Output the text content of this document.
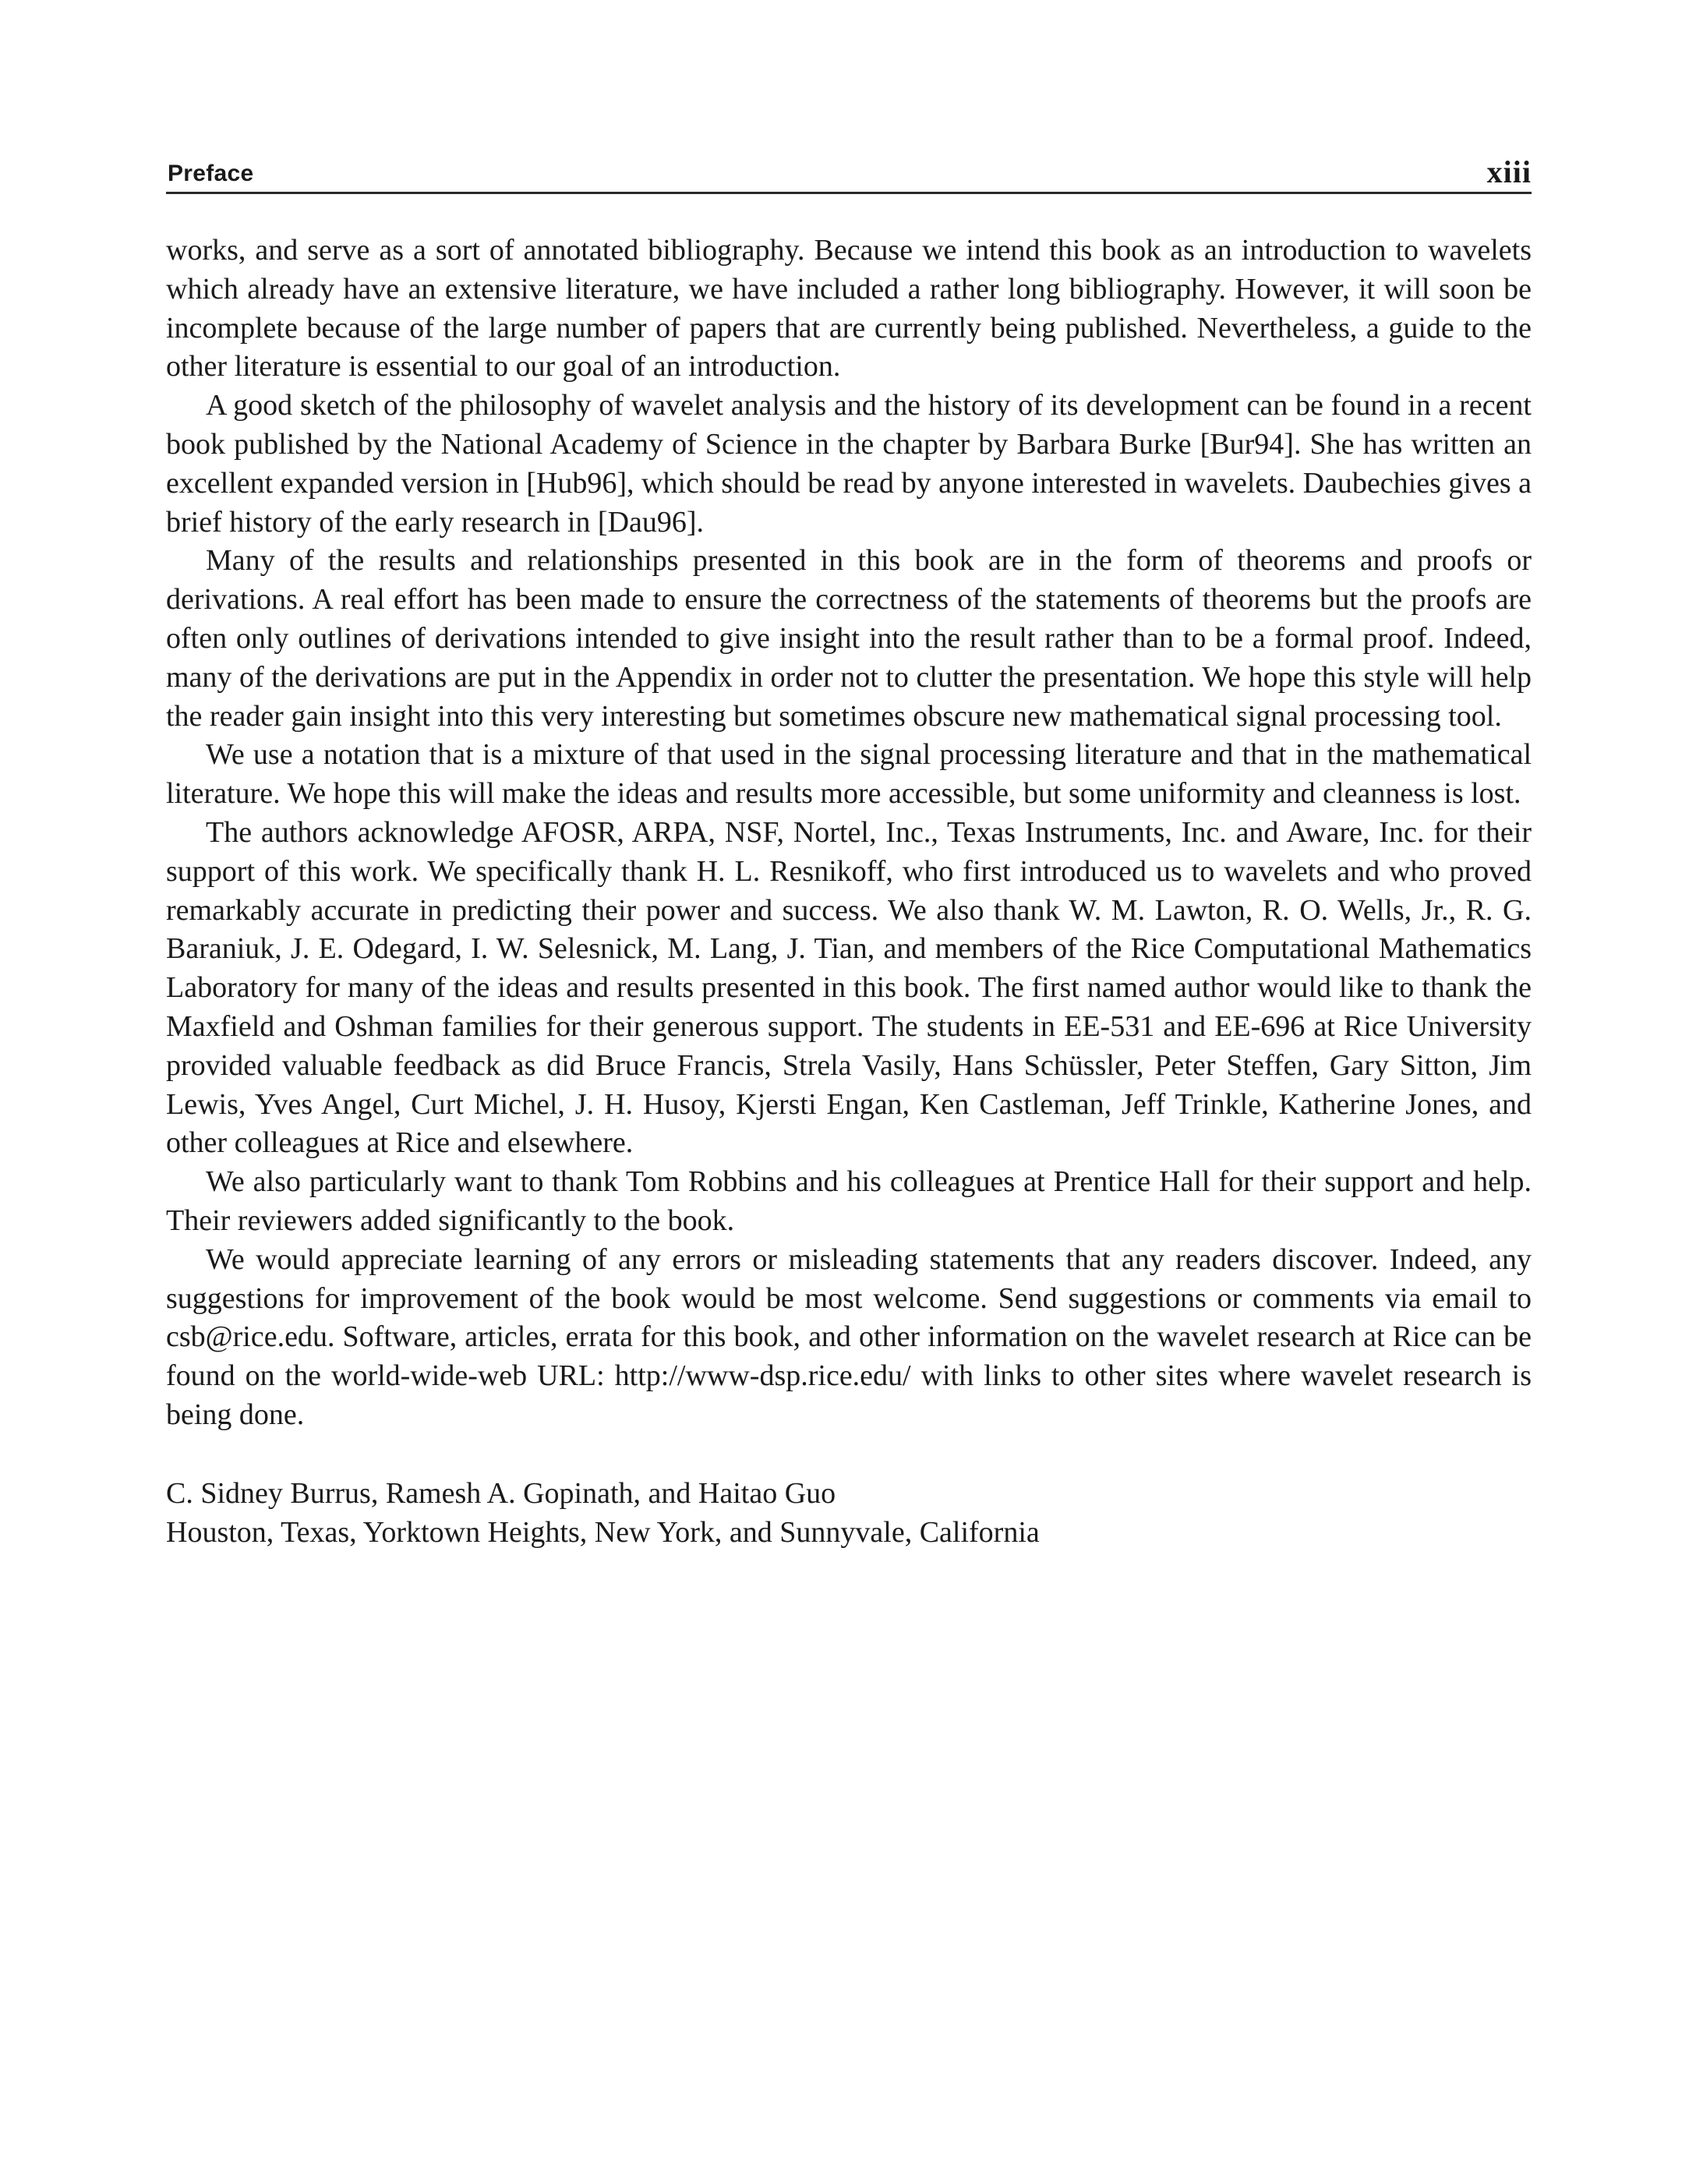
Preface	xiii

works, and serve as a sort of annotated bibliography. Because we intend this book as an introduction to wavelets which already have an extensive literature, we have included a rather long bibliography. However, it will soon be incomplete because of the large number of papers that are currently being published. Nevertheless, a guide to the other literature is essential to our goal of an introduction.

A good sketch of the philosophy of wavelet analysis and the history of its development can be found in a recent book published by the National Academy of Science in the chapter by Barbara Burke [Bur94]. She has written an excellent expanded version in [Hub96], which should be read by anyone interested in wavelets. Daubechies gives a brief history of the early research in [Dau96].

Many of the results and relationships presented in this book are in the form of theorems and proofs or derivations. A real effort has been made to ensure the correctness of the statements of theorems but the proofs are often only outlines of derivations intended to give insight into the result rather than to be a formal proof. Indeed, many of the derivations are put in the Appendix in order not to clutter the presentation. We hope this style will help the reader gain insight into this very interesting but sometimes obscure new mathematical signal processing tool.

We use a notation that is a mixture of that used in the signal processing literature and that in the mathematical literature. We hope this will make the ideas and results more accessible, but some uniformity and cleanness is lost.

The authors acknowledge AFOSR, ARPA, NSF, Nortel, Inc., Texas Instruments, Inc. and Aware, Inc. for their support of this work. We specifically thank H. L. Resnikoff, who first introduced us to wavelets and who proved remarkably accurate in predicting their power and success. We also thank W. M. Lawton, R. O. Wells, Jr., R. G. Baraniuk, J. E. Odegard, I. W. Selesnick, M. Lang, J. Tian, and members of the Rice Computational Mathematics Laboratory for many of the ideas and results presented in this book. The first named author would like to thank the Maxfield and Oshman families for their generous support. The students in EE-531 and EE-696 at Rice University provided valuable feedback as did Bruce Francis, Strela Vasily, Hans Schüssler, Peter Steffen, Gary Sitton, Jim Lewis, Yves Angel, Curt Michel, J. H. Husoy, Kjersti Engan, Ken Castleman, Jeff Trinkle, Katherine Jones, and other colleagues at Rice and elsewhere.

We also particularly want to thank Tom Robbins and his colleagues at Prentice Hall for their support and help. Their reviewers added significantly to the book.

We would appreciate learning of any errors or misleading statements that any readers discover. Indeed, any suggestions for improvement of the book would be most welcome. Send suggestions or comments via email to csb@rice.edu. Software, articles, errata for this book, and other information on the wavelet research at Rice can be found on the world-wide-web URL: http://www-dsp.rice.edu/ with links to other sites where wavelet research is being done.

C. Sidney Burrus, Ramesh A. Gopinath, and Haitao Guo
Houston, Texas, Yorktown Heights, New York, and Sunnyvale, California
